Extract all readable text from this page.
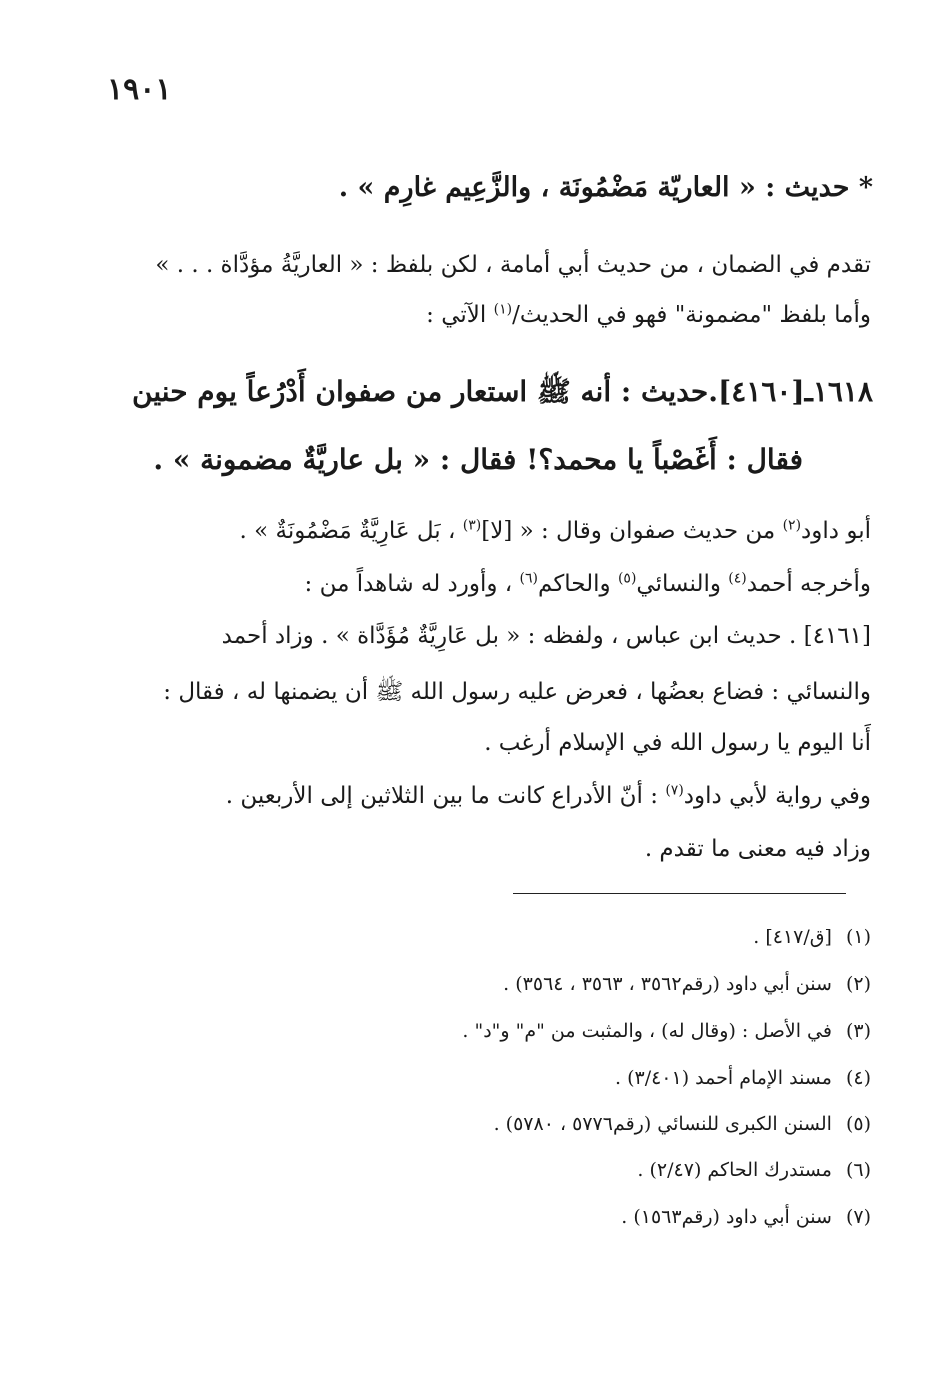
١٩٠١
* حديث : « العاريّة مَضْمُونَة ، والزَّعِيم غارِم » .
تقدم في الضمان ، من حديث أبي أمامة ، لكن بلفظ : « العاريَّةُ مؤدَّاة . . . »
وأما بلفظ "مضمونة" فهو في الحديث/$^{(١)}$ الآتي :
١٦١٨ـ[٤١٦٠].حديث : أنه ﷺ استعار من صفوان أَدْرُعاً يوم حنين
فقال : أَغَصْباً يا محمد؟! فقال : « بل عاريَّةٌ مضمونة » .
أبو داود$^{(٢)}$ من حديث صفوان وقال : « [لا]$^{(٣)}$ ، بَل عَارِيَّةٌ مَضْمُونَةٌ » .
وأخرجه أحمد$^{(٤)}$ والنسائي$^{(٥)}$ والحاكم$^{(٦)}$ ، وأورد له شاهداً من :
[٤١٦١] . حديث ابن عباس ، ولفظه : « بل عَارِيَّةٌ مُؤَدَّاة » . وزاد أحمد
والنسائي : فضاع بعضُها ، فعرض عليه رسول الله ﷺ أن يضمنها له ، فقال :
أَنا اليوم يا رسول الله في الإسلام أرغب .
وفي رواية لأبي داود$^{(٧)}$ : أنّ الأدراع كانت ما بين الثلاثين إلى الأربعين .
وزاد فيه معنى ما تقدم .
(١)[ق/٤١٧] .
(٢)سنن أبي داود (رقم٣٥٦٢ ، ٣٥٦٣ ، ٣٥٦٤) .
(٣)في الأصل : (وقال له) ، والمثبت من "م" و"د" .
(٤)مسند الإمام أحمد (٣/٤٠١) .
(٥)السنن الكبرى للنسائي (رقم٥٧٧٦ ، ٥٧٨٠) .
(٦)مستدرك الحاكم (٢/٤٧) .
(٧)سنن أبي داود (رقم١٥٦٣) .
